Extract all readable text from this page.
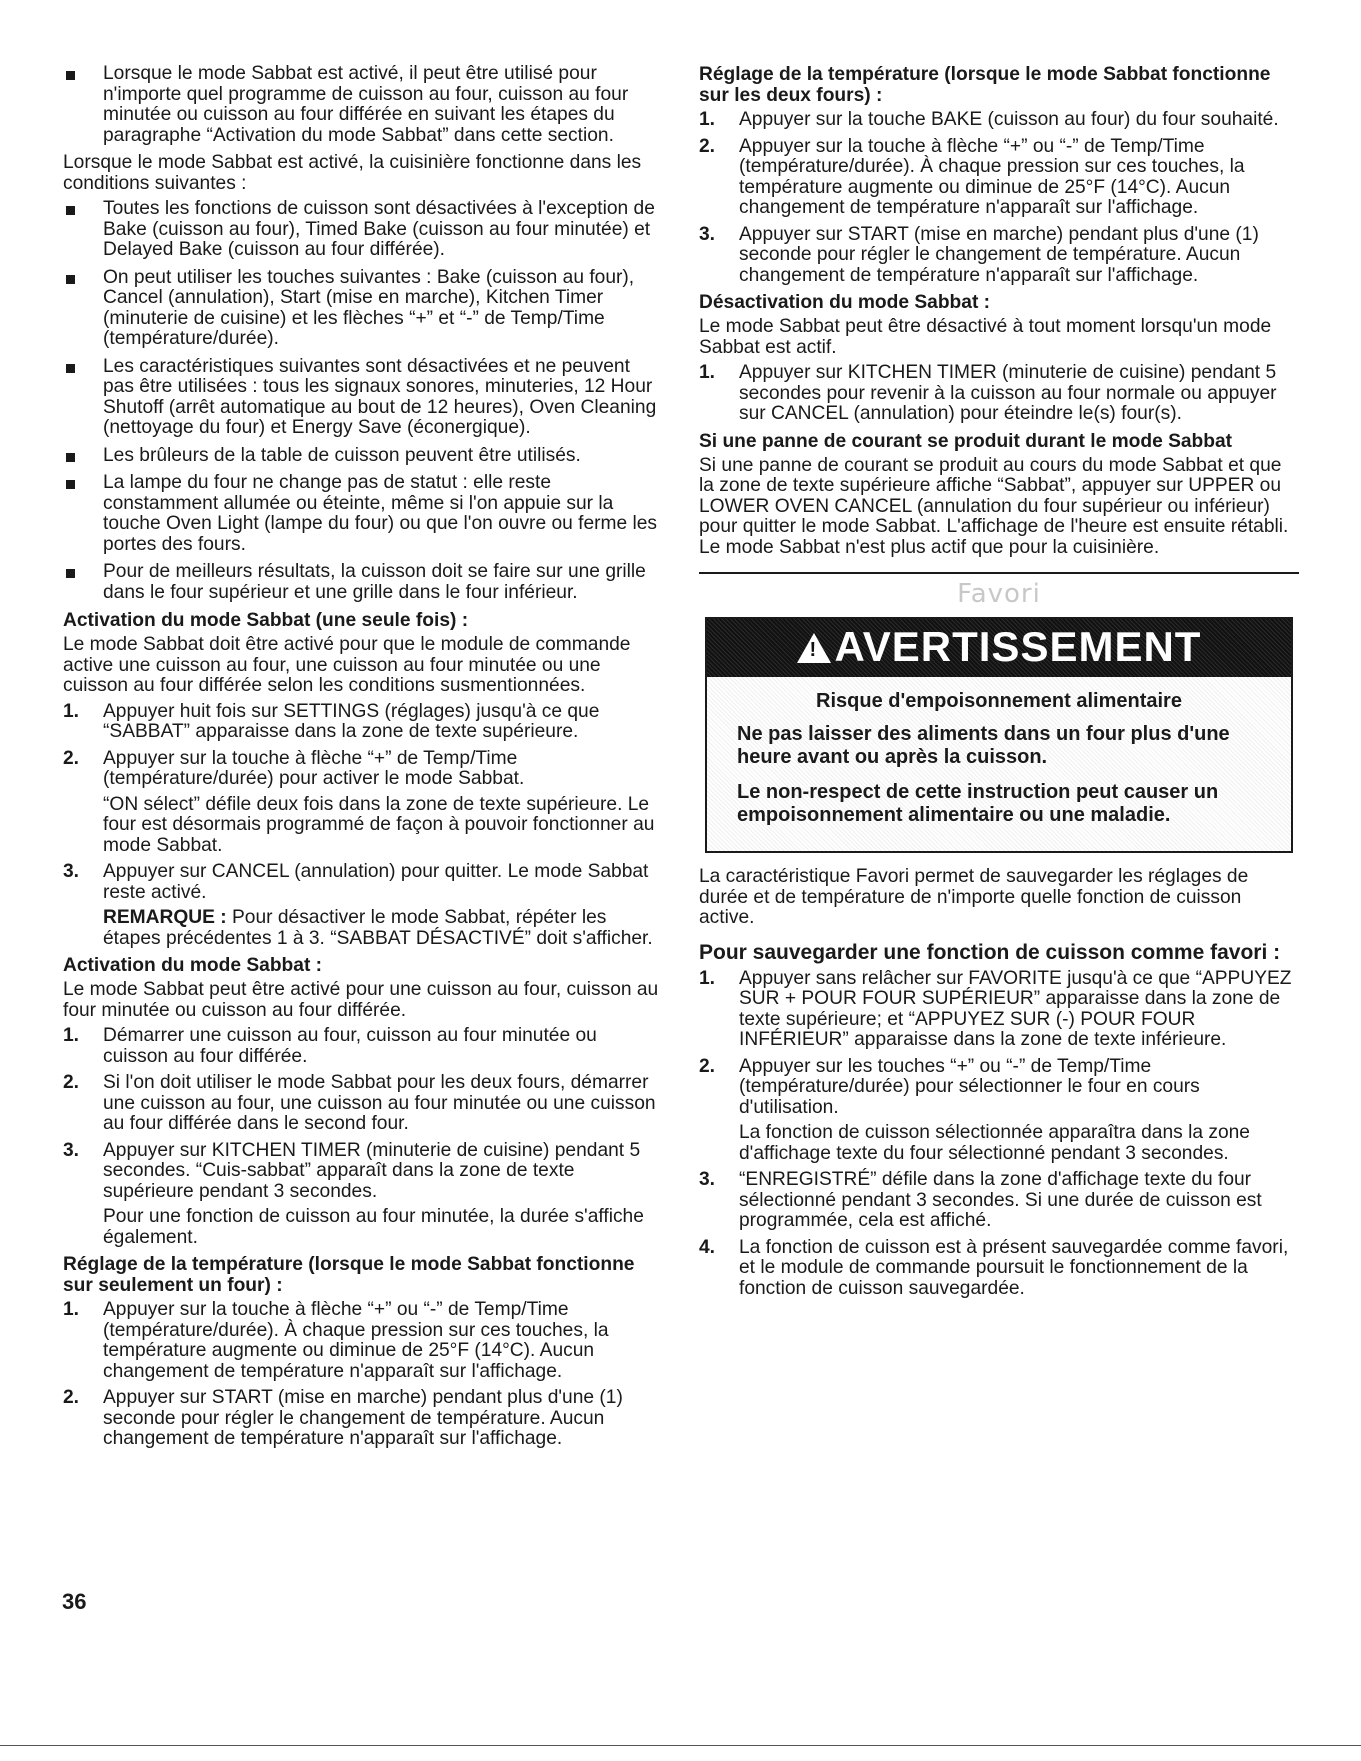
Lorsque le mode Sabbat est activé, il peut être utilisé pour n'importe quel programme de cuisson au four, cuisson au four minutée ou cuisson au four différée en suivant les étapes du paragraphe “Activation du mode Sabbat” dans cette section.

Lorsque le mode Sabbat est activé, la cuisinière fonctionne dans les conditions suivantes :

Toutes les fonctions de cuisson sont désactivées à l'exception de Bake (cuisson au four), Timed Bake (cuisson au four minutée) et Delayed Bake (cuisson au four différée).
On peut utiliser les touches suivantes : Bake (cuisson au four), Cancel (annulation), Start (mise en marche), Kitchen Timer (minuterie de cuisine) et les flèches “+” et “-” de Temp/Time (température/durée).
Les caractéristiques suivantes sont désactivées et ne peuvent pas être utilisées : tous les signaux sonores, minuteries, 12 Hour Shutoff (arrêt automatique au bout de 12 heures), Oven Cleaning (nettoyage du four) et Energy Save (éconergique).
Les brûleurs de la table de cuisson peuvent être utilisés.
La lampe du four ne change pas de statut : elle reste constamment allumée ou éteinte, même si l'on appuie sur la touche Oven Light (lampe du four) ou que l'on ouvre ou ferme les portes des fours.
Pour de meilleurs résultats, la cuisson doit se faire sur une grille dans le four supérieur et une grille dans le four inférieur.
Activation du mode Sabbat (une seule fois) :

Le mode Sabbat doit être activé pour que le module de commande active une cuisson au four, une cuisson au four minutée ou une cuisson au four différée selon les conditions susmentionnées.

1. Appuyer huit fois sur SETTINGS (réglages) jusqu'à ce que “SABBAT” apparaisse dans la zone de texte supérieure.
2. Appuyer sur la touche à flèche “+” de Temp/Time (température/durée) pour activer le mode Sabbat.

“ON sélect” défile deux fois dans la zone de texte supérieure. Le four est désormais programmé de façon à pouvoir fonctionner au mode Sabbat.

3. Appuyer sur CANCEL (annulation) pour quitter. Le mode Sabbat reste activé.

REMARQUE : Pour désactiver le mode Sabbat, répéter les étapes précédentes 1 à 3. “SABBAT DÉSACTIVÉ” doit s'afficher.

Activation du mode Sabbat :

Le mode Sabbat peut être activé pour une cuisson au four, cuisson au four minutée ou cuisson au four différée.

1. Démarrer une cuisson au four, cuisson au four minutée ou cuisson au four différée.
2. Si l'on doit utiliser le mode Sabbat pour les deux fours, démarrer une cuisson au four, une cuisson au four minutée ou une cuisson au four différée dans le second four.
3. Appuyer sur KITCHEN TIMER (minuterie de cuisine) pendant 5 secondes. “Cuis-sabbat” apparaît dans la zone de texte supérieure pendant 3 secondes.

Pour une fonction de cuisson au four minutée, la durée s'affiche également.

Réglage de la température (lorsque le mode Sabbat fonctionne sur seulement un four) :
1. Appuyer sur la touche à flèche “+” ou “-” de Temp/Time (température/durée). À chaque pression sur ces touches, la température augmente ou diminue de 25°F (14°C). Aucun changement de température n'apparaît sur l'affichage.
2. Appuyer sur START (mise en marche) pendant plus d'une (1) seconde pour régler le changement de température. Aucun changement de température n'apparaît sur l'affichage.
Réglage de la température (lorsque le mode Sabbat fonctionne sur les deux fours) :
1. Appuyer sur la touche BAKE (cuisson au four) du four souhaité.
2. Appuyer sur la touche à flèche “+” ou “-” de Temp/Time (température/durée). À chaque pression sur ces touches, la température augmente ou diminue de 25°F (14°C). Aucun changement de température n'apparaît sur l'affichage.
3. Appuyer sur START (mise en marche) pendant plus d'une (1) seconde pour régler le changement de température. Aucun changement de température n'apparaît sur l'affichage.
Désactivation du mode Sabbat :

Le mode Sabbat peut être désactivé à tout moment lorsqu'un mode Sabbat est actif.

1. Appuyer sur KITCHEN TIMER (minuterie de cuisine) pendant 5 secondes pour revenir à la cuisson au four normale ou appuyer sur CANCEL (annulation) pour éteindre le(s) four(s).
Si une panne de courant se produit durant le mode Sabbat

Si une panne de courant se produit au cours du mode Sabbat et que la zone de texte supérieure affiche “Sabbat”, appuyer sur UPPER ou LOWER OVEN CANCEL (annulation du four supérieur ou inférieur) pour quitter le mode Sabbat. L'affichage de l'heure est ensuite rétabli. Le mode Sabbat n'est plus actif que pour la cuisinière.

Favori
! AVERTISSEMENT
Risque d'empoisonnement alimentaire
Ne pas laisser des aliments dans un four plus d'une heure avant ou après la cuisson.
Le non-respect de cette instruction peut causer un empoisonnement alimentaire ou une maladie.

La caractéristique Favori permet de sauvegarder les réglages de durée et de température de n'importe quelle fonction de cuisson active.

Pour sauvegarder une fonction de cuisson comme favori :
1. Appuyer sans relâcher sur FAVORITE jusqu'à ce que “APPUYEZ SUR + POUR FOUR SUPÉRIEUR” apparaisse dans la zone de texte supérieure; et “APPUYEZ SUR (-) POUR FOUR INFÉRIEUR” apparaisse dans la zone de texte inférieure.
2. Appuyer sur les touches “+” ou “-” de Temp/Time (température/durée) pour sélectionner le four en cours d'utilisation.

La fonction de cuisson sélectionnée apparaîtra dans la zone d'affichage texte du four sélectionné pendant 3 secondes.

3. “ENREGISTRÉ” défile dans la zone d'affichage texte du four sélectionné pendant 3 secondes. Si une durée de cuisson est programmée, cela est affiché.
4. La fonction de cuisson est à présent sauvegardée comme favori, et le module de commande poursuit le fonctionnement de la fonction de cuisson sauvegardée.
36
